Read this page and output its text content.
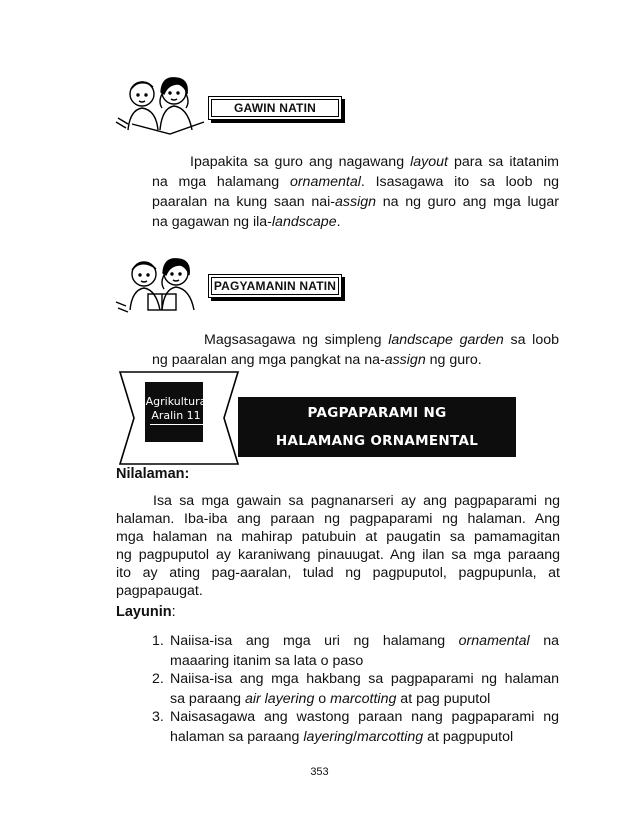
GAWIN NATIN
Ipapakita sa guro ang nagawang layout para sa itatanim
na mga halamang ornamental. Isasagawa ito sa loob ng
paaralan na kung saan nai-assign na ng guro ang mga lugar
na gagawan ng ila-landscape.
PAGYAMANIN NATIN
Magsasagawa ng simpleng landscape garden sa loob
ng paaralan ang mga pangkat na na-assign ng guro.
Agrikultura
Aralin 11	PAGPAPARAMI NG
HALAMANG ORNAMENTAL
Nilalaman:
Isa sa mga gawain sa pagnanarseri ay ang pagpaparami ng
halaman. Iba-iba ang paraan ng pagpaparami ng halaman. Ang
mga halaman na mahirap patubuin at paugatin sa pamamagitan
ng pagpuputol ay karaniwang pinauugat. Ang ilan sa mga paraang
ito ay ating pag-aaralan, tulad ng pagpuputol, pagpupunla, at
pagpapaugat.
Layunin:
1. Naiisa-isa ang mga uri ng halamang ornamental na
maaaring itanim sa lata o paso
2. Naiisa-isa ang mga hakbang sa pagpaparami ng halaman
sa paraang air layering o marcotting at pag puputol
3. Naisasagawa ang wastong paraan nang pagpaparami ng
halaman sa paraang layering/marcotting at pagpuputol
353
